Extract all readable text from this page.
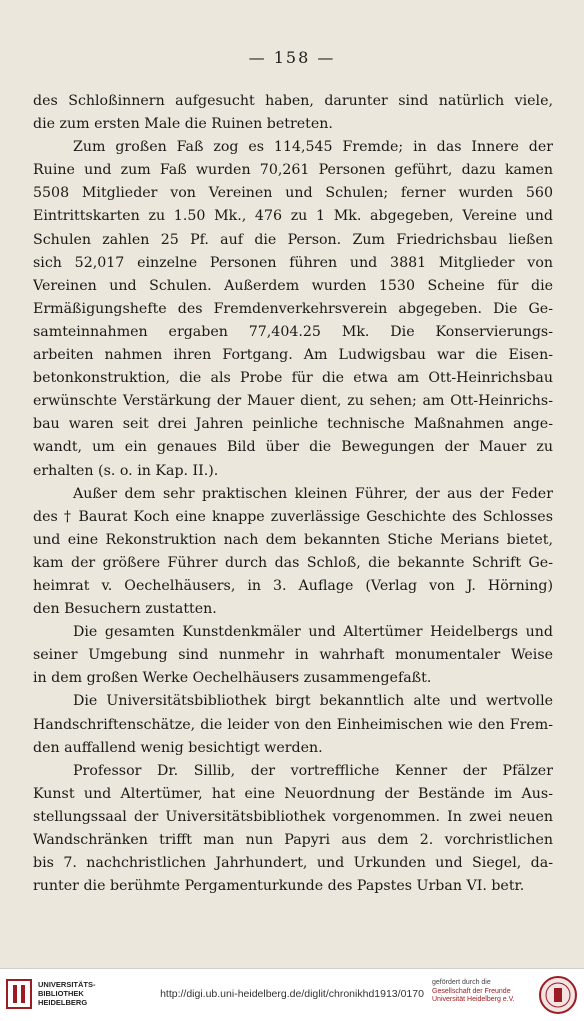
— 158 —
des Schloßinnern aufgesucht haben, darunter sind natürlich viele,
die zum ersten Male die Ruinen betreten.
Zum großen Faß zog es 114,545 Fremde; in das Innere der
Ruine und zum Faß wurden 70,261 Personen geführt, dazu kamen
5508 Mitglieder von Vereinen und Schulen; ferner wurden 560
Eintrittskarten zu 1.50 Mk., 476 zu 1 Mk. abgegeben, Vereine und
Schulen zahlen 25 Pf. auf die Person. Zum Friedrichsbau ließen
sich 52,017 einzelne Personen führen und 3881 Mitglieder von
Vereinen und Schulen. Außerdem wurden 1530 Scheine für die
Ermäßigungshefte des Fremdenverkehrsverein abgegeben. Die Ge-
samteinnahmen ergaben 77,404.25 Mk. Die Konservierungs-
arbeiten nahmen ihren Fortgang. Am Ludwigsbau war die Eisen-
betonkonstruktion, die als Probe für die etwa am Ott-Heinrichsbau
erwünschte Verstärkung der Mauer dient, zu sehen; am Ott-Heinrichs-
bau waren seit drei Jahren peinliche technische Maßnahmen ange-
wandt, um ein genaues Bild über die Bewegungen der Mauer zu
erhalten (s. o. in Kap. II.).
Außer dem sehr praktischen kleinen Führer, der aus der Feder
des † Baurat Koch eine knappe zuverlässige Geschichte des Schlosses
und eine Rekonstruktion nach dem bekannten Stiche Merians bietet,
kam der größere Führer durch das Schloß, die bekannte Schrift Ge-
heimrat v. Oechelhäusers, in 3. Auflage (Verlag von J. Hörning)
den Besuchern zustatten.
Die gesamten Kunstdenkmäler und Altertümer Heidelbergs und
seiner Umgebung sind nunmehr in wahrhaft monumentaler Weise
in dem großen Werke Oechelhäusers zusammengefaßt.
Die Universitätsbibliothek birgt bekanntlich alte und wertvolle
Handschriftenschätze, die leider von den Einheimischen wie den Frem-
den auffallend wenig besichtigt werden.
Professor Dr. Sillib, der vortreffliche Kenner der Pfälzer
Kunst und Altertümer, hat eine Neuordnung der Bestände im Aus-
stellungssaal der Universitätsbibliothek vorgenommen. In zwei neuen
Wandschränken trifft man nun Papyri aus dem 2. vorchristlichen
bis 7. nachchristlichen Jahrhundert, und Urkunden und Siegel, da-
runter die berühmte Pergamenturkunde des Papstes Urban VI. betr.
UNIVERSITÄTS-
BIBLIOTHEK
HEIDELBERG
http://digi.ub.uni-heidelberg.de/diglit/chronikhd1913/0170
gefördert durch die
Gesellschaft der Freunde
Universität Heidelberg e.V.
